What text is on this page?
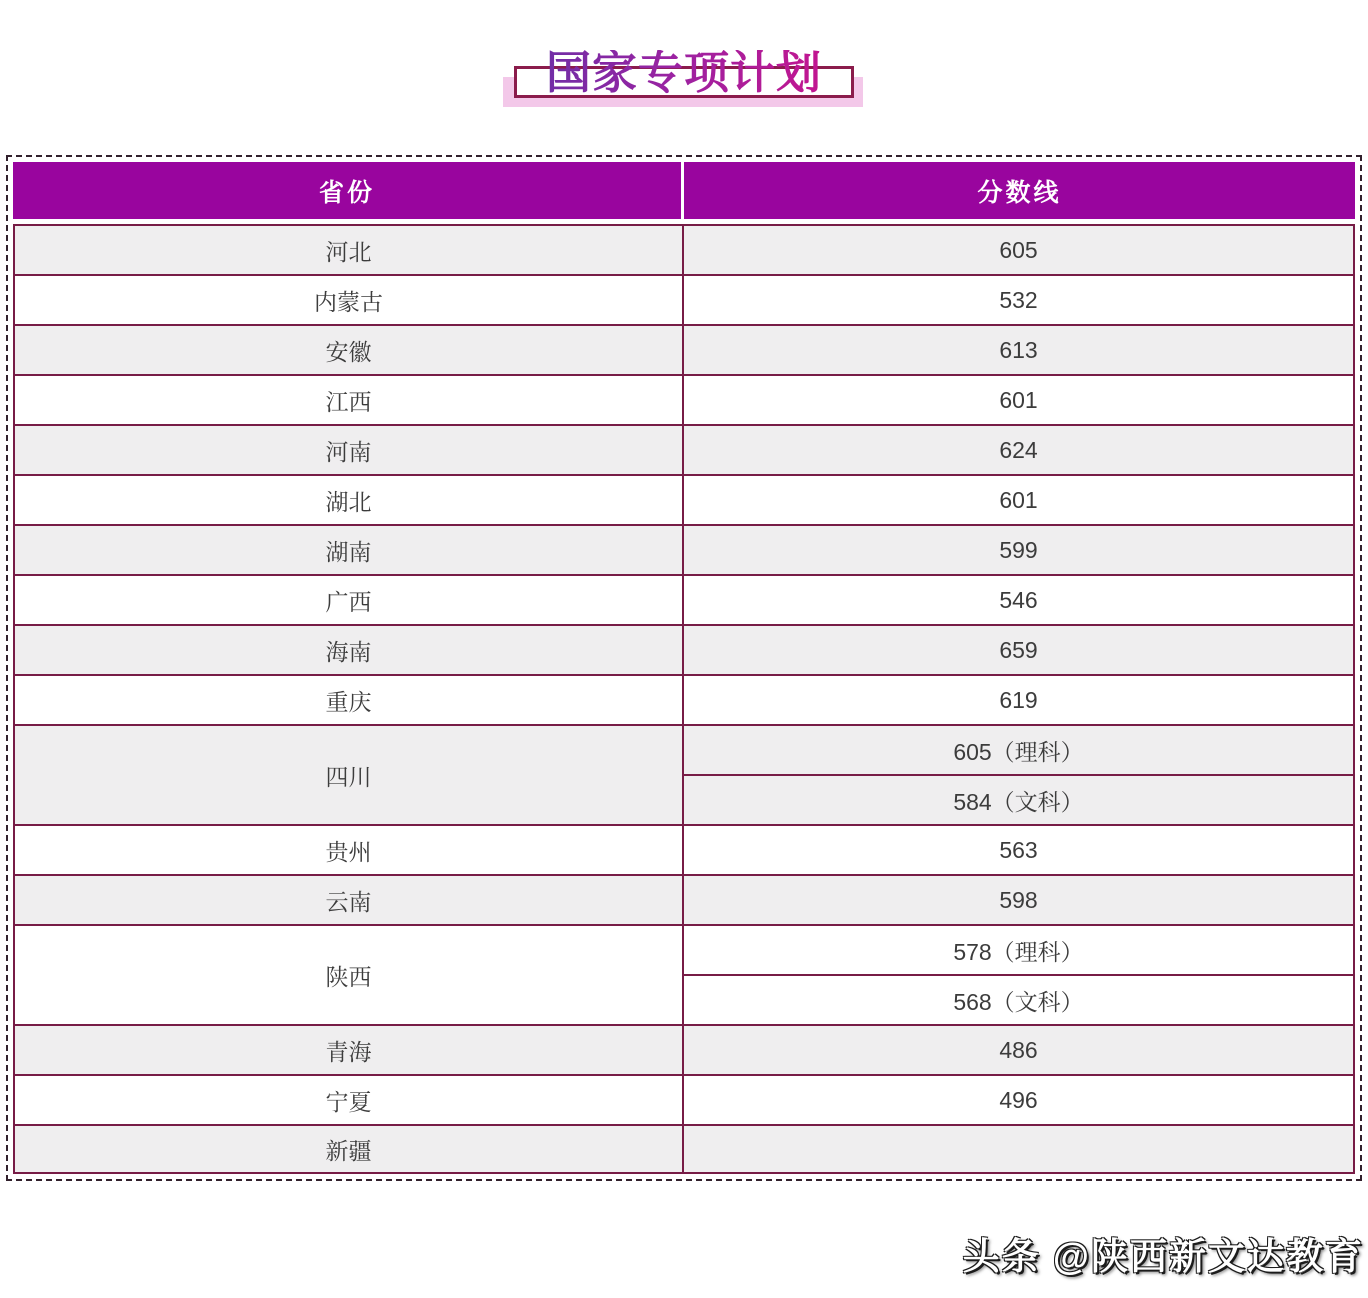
国家专项计划
省份	分数线
河北	605
内蒙古	532
安徽	613
江西	601
河南	624
湖北	601
湖南	599
广西	546
海南	659
重庆	619
四川	605（理科）
	584（文科）
贵州	563
云南	598
陕西	578（理科）
	568（文科）
青海	486
宁夏	496
新疆	
头条 @陕西新文达教育
